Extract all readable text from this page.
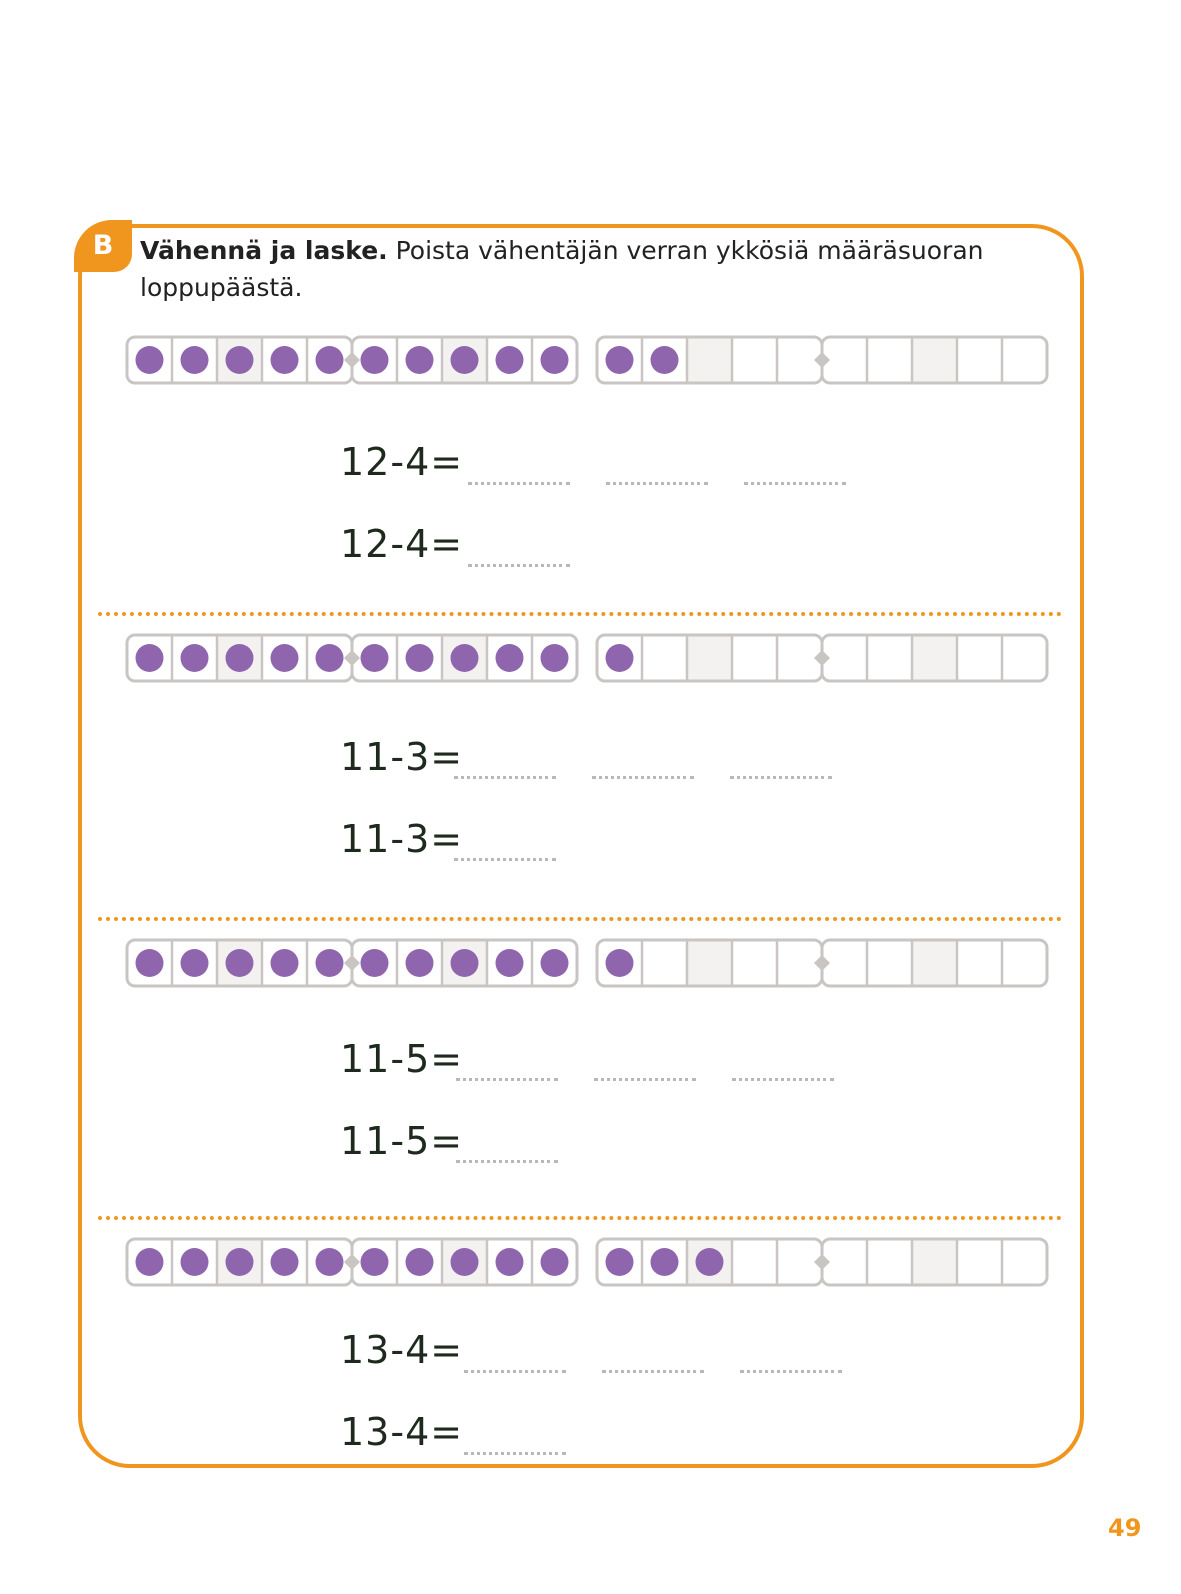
B	Vähennä ja laske. Poista vähentäjän verran ykkösiä määräsuoran loppupäästä.
12-4=
12-4=
11-3=
11-3=
11-5=
11-5=
13-4=
13-4=
49
